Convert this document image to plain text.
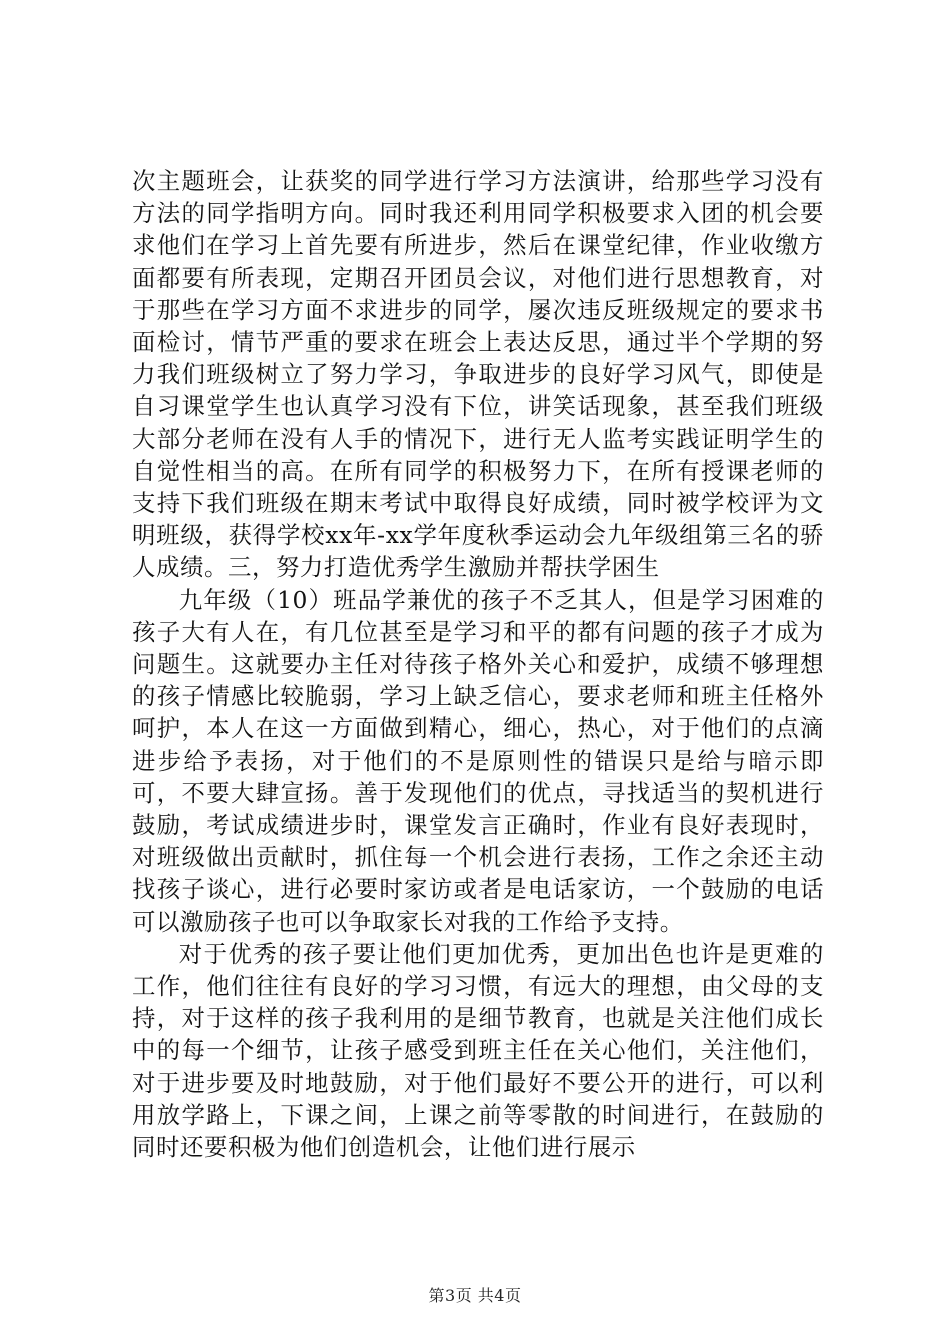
次主题班会，让获奖的同学进行学习方法演讲，给那些学习没有方法的同学指明方向。同时我还利用同学积极要求入团的机会要求他们在学习上首先要有所进步，然后在课堂纪律，作业收缴方面都要有所表现，定期召开团员会议，对他们进行思想教育，对于那些在学习方面不求进步的同学，屡次违反班级规定的要求书面检讨，情节严重的要求在班会上表达反思，通过半个学期的努力我们班级树立了努力学习，争取进步的良好学习风气，即使是自习课堂学生也认真学习没有下位，讲笑话现象，甚至我们班级大部分老师在没有人手的情况下，进行无人监考实践证明学生的自觉性相当的高。在所有同学的积极努力下，在所有授课老师的支持下我们班级在期末考试中取得良好成绩，同时被学校评为文明班级，获得学校xx年-xx学年度秋季运动会九年级组第三名的骄人成绩。三，努力打造优秀学生激励并帮扶学困生

九年级（10）班品学兼优的孩子不乏其人，但是学习困难的孩子大有人在，有几位甚至是学习和平的都有问题的孩子才成为问题生。这就要办主任对待孩子格外关心和爱护，成绩不够理想的孩子情感比较脆弱，学习上缺乏信心，要求老师和班主任格外呵护，本人在这一方面做到精心，细心，热心，对于他们的点滴进步给予表扬，对于他们的不是原则性的错误只是给与暗示即可，不要大肆宣扬。善于发现他们的优点，寻找适当的契机进行鼓励，考试成绩进步时，课堂发言正确时，作业有良好表现时，对班级做出贡献时，抓住每一个机会进行表扬，工作之余还主动找孩子谈心，进行必要时家访或者是电话家访，一个鼓励的电话可以激励孩子也可以争取家长对我的工作给予支持。

对于优秀的孩子要让他们更加优秀，更加出色也许是更难的工作，他们往往有良好的学习习惯，有远大的理想，由父母的支持，对于这样的孩子我利用的是细节教育，也就是关注他们成长中的每一个细节，让孩子感受到班主任在关心他们，关注他们，对于进步要及时地鼓励，对于他们最好不要公开的进行，可以利用放学路上，下课之间，上课之前等零散的时间进行，在鼓励的同时还要积极为他们创造机会，让他们进行展示

第3页 共4页
